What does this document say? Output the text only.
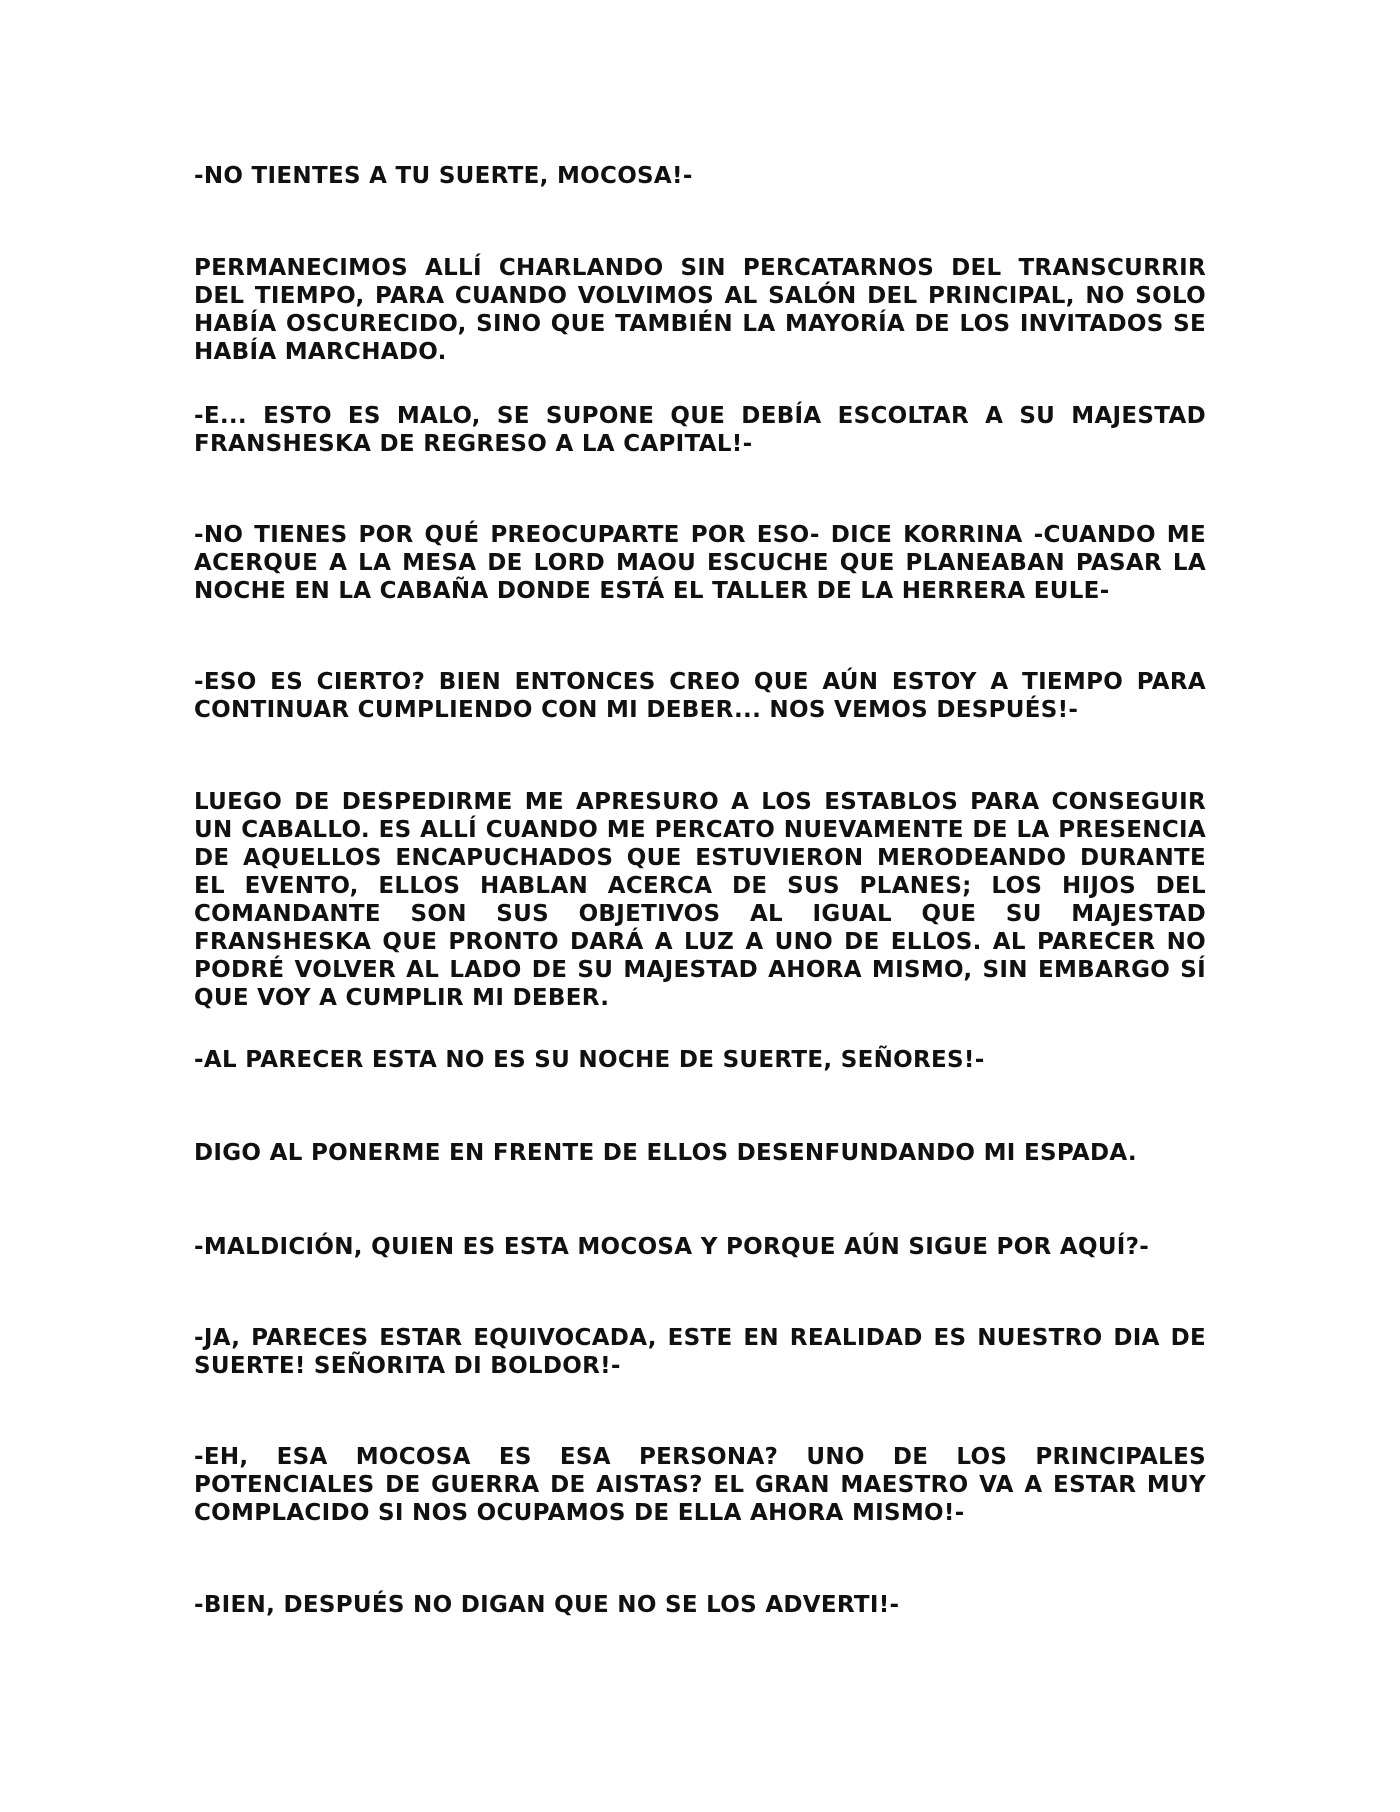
-NO TIENTES A TU SUERTE, MOCOSA!-

PERMANECIMOS ALLÍ CHARLANDO SIN PERCATARNOS DEL TRANSCURRIR DEL TIEMPO, PARA CUANDO VOLVIMOS AL SALÓN DEL PRINCIPAL, NO SOLO HABÍA OSCURECIDO, SINO QUE TAMBIÉN LA MAYORÍA DE LOS INVITADOS SE HABÍA MARCHADO.

-E... ESTO ES MALO, SE SUPONE QUE DEBÍA ESCOLTAR A SU MAJESTAD FRANSHESKA DE REGRESO A LA CAPITAL!-

-NO TIENES POR QUÉ PREOCUPARTE POR ESO- DICE KORRINA -CUANDO ME ACERQUE A LA MESA DE LORD MAOU ESCUCHE QUE PLANEABAN PASAR LA NOCHE EN LA CABAÑA DONDE ESTÁ EL TALLER DE LA HERRERA EULE-

-ESO ES CIERTO? BIEN ENTONCES CREO QUE AÚN ESTOY A TIEMPO PARA CONTINUAR CUMPLIENDO CON MI DEBER... NOS VEMOS DESPUÉS!-

LUEGO DE DESPEDIRME ME APRESURO A LOS ESTABLOS PARA CONSEGUIR UN CABALLO. ES ALLÍ CUANDO ME PERCATO NUEVAMENTE DE LA PRESENCIA DE AQUELLOS ENCAPUCHADOS QUE ESTUVIERON MERODEANDO DURANTE EL EVENTO, ELLOS HABLAN ACERCA DE SUS PLANES; LOS HIJOS DEL COMANDANTE SON SUS OBJETIVOS AL IGUAL QUE SU MAJESTAD FRANSHESKA QUE PRONTO DARÁ A LUZ A UNO DE ELLOS. AL PARECER NO PODRÉ VOLVER AL LADO DE SU MAJESTAD AHORA MISMO, SIN EMBARGO SÍ QUE VOY A CUMPLIR MI DEBER.

-AL PARECER ESTA NO ES SU NOCHE DE SUERTE, SEÑORES!-

DIGO AL PONERME EN FRENTE DE ELLOS DESENFUNDANDO MI ESPADA.

-MALDICIÓN, QUIEN ES ESTA MOCOSA Y PORQUE AÚN SIGUE POR AQUÍ?-

-JA, PARECES ESTAR EQUIVOCADA, ESTE EN REALIDAD ES NUESTRO DIA DE SUERTE! SEÑORITA DI BOLDOR!-

-EH, ESA MOCOSA ES ESA PERSONA? UNO DE LOS PRINCIPALES POTENCIALES DE GUERRA DE AISTAS? EL GRAN MAESTRO VA A ESTAR MUY COMPLACIDO SI NOS OCUPAMOS DE ELLA AHORA MISMO!-

-BIEN, DESPUÉS NO DIGAN QUE NO SE LOS ADVERTI!-
